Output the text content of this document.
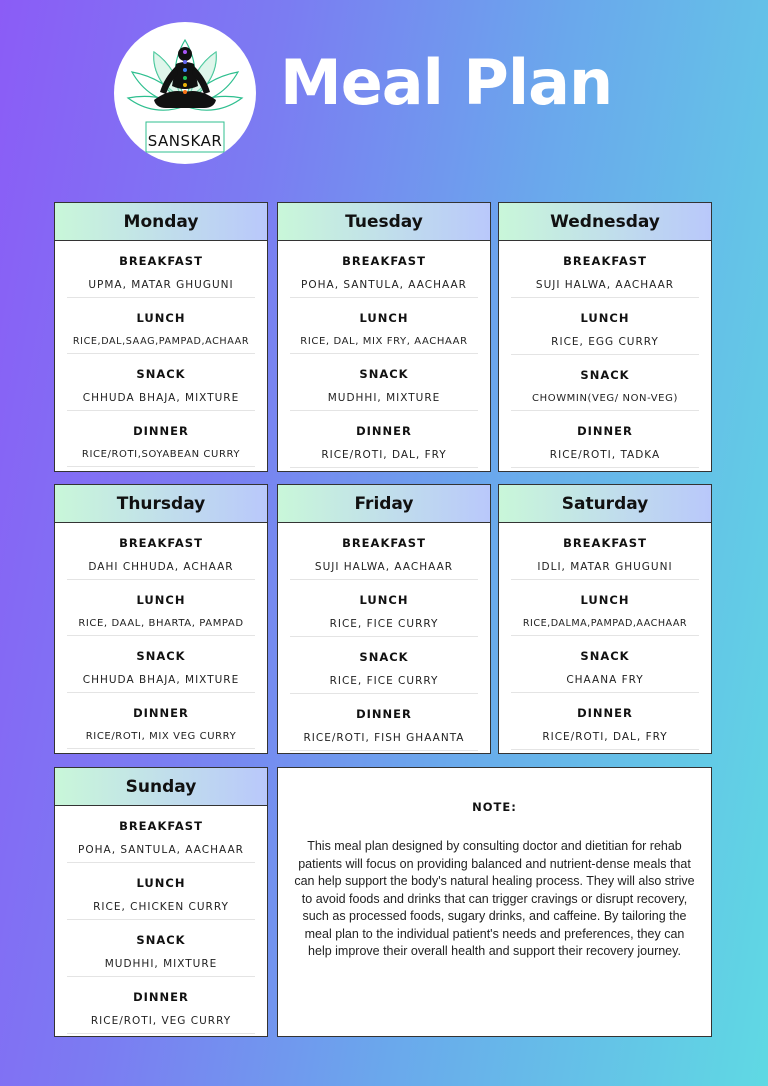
SANSKAR
Meal Plan
Monday
BREAKFAST
UPMA, MATAR GHUGUNI
LUNCH
RICE,DAL,SAAG,PAMPAD,ACHAAR
SNACK
CHHUDA BHAJA, MIXTURE
DINNER
RICE/ROTI,SOYABEAN CURRY
Tuesday
BREAKFAST
POHA, SANTULA, AACHAAR
LUNCH
RICE, DAL, MIX FRY, AACHAAR
SNACK
MUDHHI, MIXTURE
DINNER
RICE/ROTI, DAL, FRY
Wednesday
BREAKFAST
SUJI HALWA, AACHAAR
LUNCH
RICE, EGG CURRY
SNACK
CHOWMIN(VEG/ NON-VEG)
DINNER
RICE/ROTI, TADKA
Thursday
BREAKFAST
DAHI CHHUDA, ACHAAR
LUNCH
RICE, DAAL, BHARTA, PAMPAD
SNACK
CHHUDA BHAJA, MIXTURE
DINNER
RICE/ROTI, MIX VEG CURRY
Friday
BREAKFAST
SUJI HALWA, AACHAAR
LUNCH
RICE, FICE CURRY
SNACK
RICE, FICE CURRY
DINNER
RICE/ROTI, FISH GHAANTA
Saturday
BREAKFAST
IDLI, MATAR GHUGUNI
LUNCH
RICE,DALMA,PAMPAD,AACHAAR
SNACK
CHAANA FRY
DINNER
RICE/ROTI, DAL, FRY
Sunday
BREAKFAST
POHA, SANTULA, AACHAAR
LUNCH
RICE, CHICKEN CURRY
SNACK
MUDHHI, MIXTURE
DINNER
RICE/ROTI, VEG CURRY
NOTE:
This meal plan designed by consulting doctor and dietitian for rehab patients will focus on providing balanced and nutrient-dense meals that can help support the body's natural healing process. They will also strive to avoid foods and drinks that can trigger cravings or disrupt recovery, such as processed foods, sugary drinks, and caffeine. By tailoring the meal plan to the individual patient's needs and preferences, they can help improve their overall health and support their recovery journey.
